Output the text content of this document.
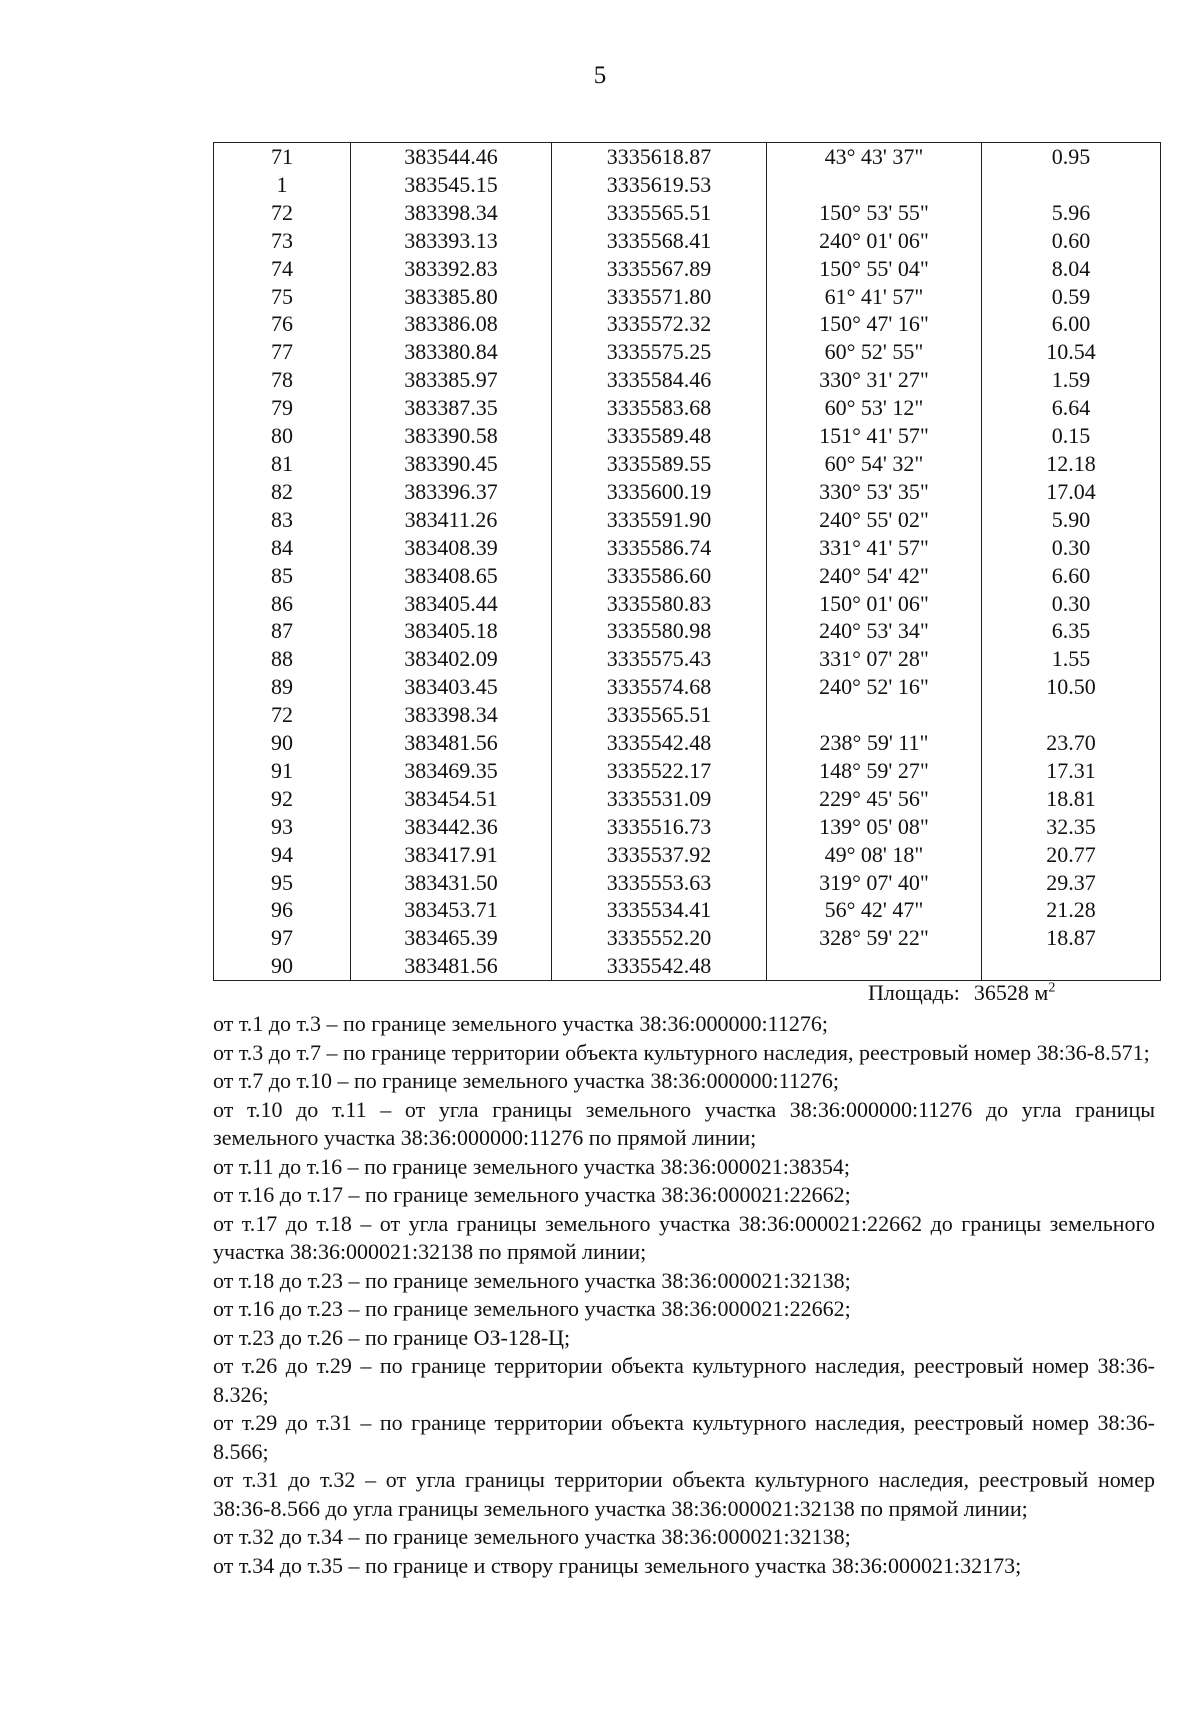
5
71	383544.46	3335618.87	43° 43' 37"	0.95
1	383545.15	3335619.53		
72	383398.34	3335565.51	150° 53' 55"	5.96
73	383393.13	3335568.41	240° 01' 06"	0.60
74	383392.83	3335567.89	150° 55' 04"	8.04
75	383385.80	3335571.80	61° 41' 57"	0.59
76	383386.08	3335572.32	150° 47' 16"	6.00
77	383380.84	3335575.25	60° 52' 55"	10.54
78	383385.97	3335584.46	330° 31' 27"	1.59
79	383387.35	3335583.68	60° 53' 12"	6.64
80	383390.58	3335589.48	151° 41' 57"	0.15
81	383390.45	3335589.55	60° 54' 32"	12.18
82	383396.37	3335600.19	330° 53' 35"	17.04
83	383411.26	3335591.90	240° 55' 02"	5.90
84	383408.39	3335586.74	331° 41' 57"	0.30
85	383408.65	3335586.60	240° 54' 42"	6.60
86	383405.44	3335580.83	150° 01' 06"	0.30
87	383405.18	3335580.98	240° 53' 34"	6.35
88	383402.09	3335575.43	331° 07' 28"	1.55
89	383403.45	3335574.68	240° 52' 16"	10.50
72	383398.34	3335565.51		
90	383481.56	3335542.48	238° 59' 11"	23.70
91	383469.35	3335522.17	148° 59' 27"	17.31
92	383454.51	3335531.09	229° 45' 56"	18.81
93	383442.36	3335516.73	139° 05' 08"	32.35
94	383417.91	3335537.92	49° 08' 18"	20.77
95	383431.50	3335553.63	319° 07' 40"	29.37
96	383453.71	3335534.41	56° 42' 47"	21.28
97	383465.39	3335552.20	328° 59' 22"	18.87
90	383481.56	3335542.48		
Площадь: 36528 $м^2$

от т.1 до т.3 – по границе земельного участка 38:36:000000:11276;

от т.3 до т.7 – по границе территории объекта культурного наследия, реестровый номер 38:36-8.571;

от т.7 до т.10 – по границе земельного участка 38:36:000000:11276;

от т.10 до т.11 – от угла границы земельного участка 38:36:000000:11276 до угла границы земельного участка 38:36:000000:11276 по прямой линии;

от т.11 до т.16 – по границе земельного участка 38:36:000021:38354;

от т.16 до т.17 – по границе земельного участка 38:36:000021:22662;

от т.17 до т.18 – от угла границы земельного участка 38:36:000021:22662 до границы земельного участка 38:36:000021:32138 по прямой линии;

от т.18 до т.23 – по границе земельного участка 38:36:000021:32138;

от т.16 до т.23 – по границе земельного участка 38:36:000021:22662;

от т.23 до т.26 – по границе ОЗ-128-Ц;

от т.26 до т.29 – по границе территории объекта культурного наследия, реестровый номер 38:36-8.326;

от т.29 до т.31 – по границе территории объекта культурного наследия, реестровый номер 38:36-8.566;

от т.31 до т.32 – от угла границы территории объекта культурного наследия, реестровый номер 38:36-8.566 до угла границы земельного участка 38:36:000021:32138 по прямой линии;

от т.32 до т.34 – по границе земельного участка 38:36:000021:32138;

от т.34 до т.35 – по границе и створу границы земельного участка 38:36:000021:32173;
